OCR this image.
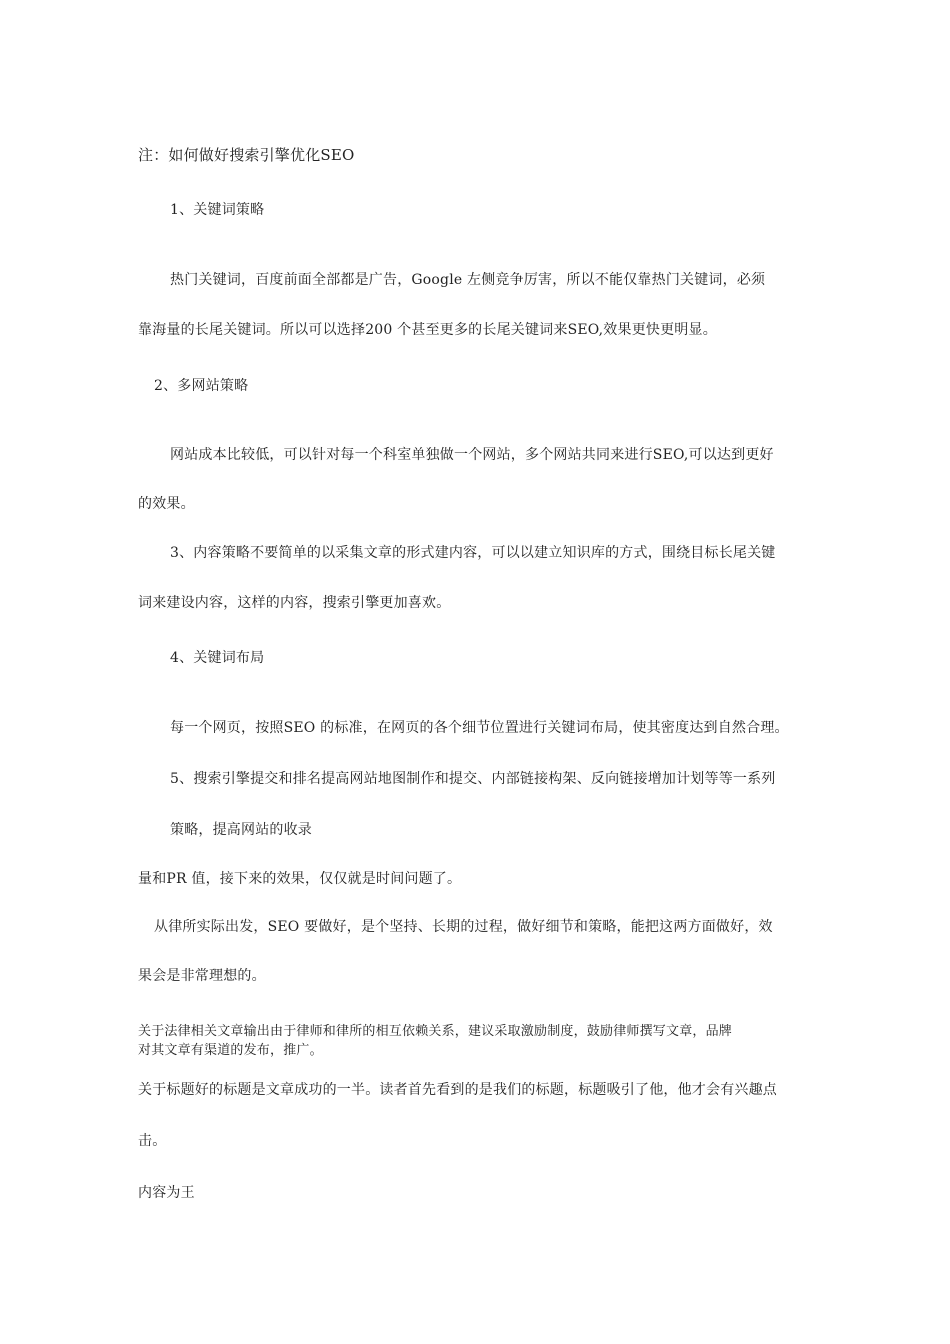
注：如何做好搜索引擎优化SEO

1、关键词策略

热门关键词，百度前面全部都是广告，Google 左侧竞争厉害，所以不能仅靠热门关键词，必须

靠海量的长尾关键词。所以可以选择200 个甚至更多的长尾关键词来SEO,效果更快更明显。

2、多网站策略

网站成本比较低，可以针对每一个科室单独做一个网站，多个网站共同来进行SEO,可以达到更好

的效果。

3、内容策略不要简单的以采集文章的形式建内容，可以以建立知识库的方式，围绕目标长尾关键

词来建设内容，这样的内容，搜索引擎更加喜欢。

4、关键词布局

每一个网页，按照SEO 的标准，在网页的各个细节位置进行关键词布局，使其密度达到自然合理。

5、搜索引擎提交和排名提高网站地图制作和提交、内部链接构架、反向链接增加计划等等一系列

策略，提高网站的收录

量和PR 值，接下来的效果，仅仅就是时间问题了。

从律所实际出发，SEO 要做好，是个坚持、长期的过程，做好细节和策略，能把这两方面做好，效

果会是非常理想的。

关于法律相关文章输出由于律师和律所的相互依赖关系，建议采取激励制度，鼓励律师撰写文章，品牌

对其文章有渠道的发布，推广。

关于标题好的标题是文章成功的一半。读者首先看到的是我们的标题，标题吸引了他，他才会有兴趣点

击。

内容为王
